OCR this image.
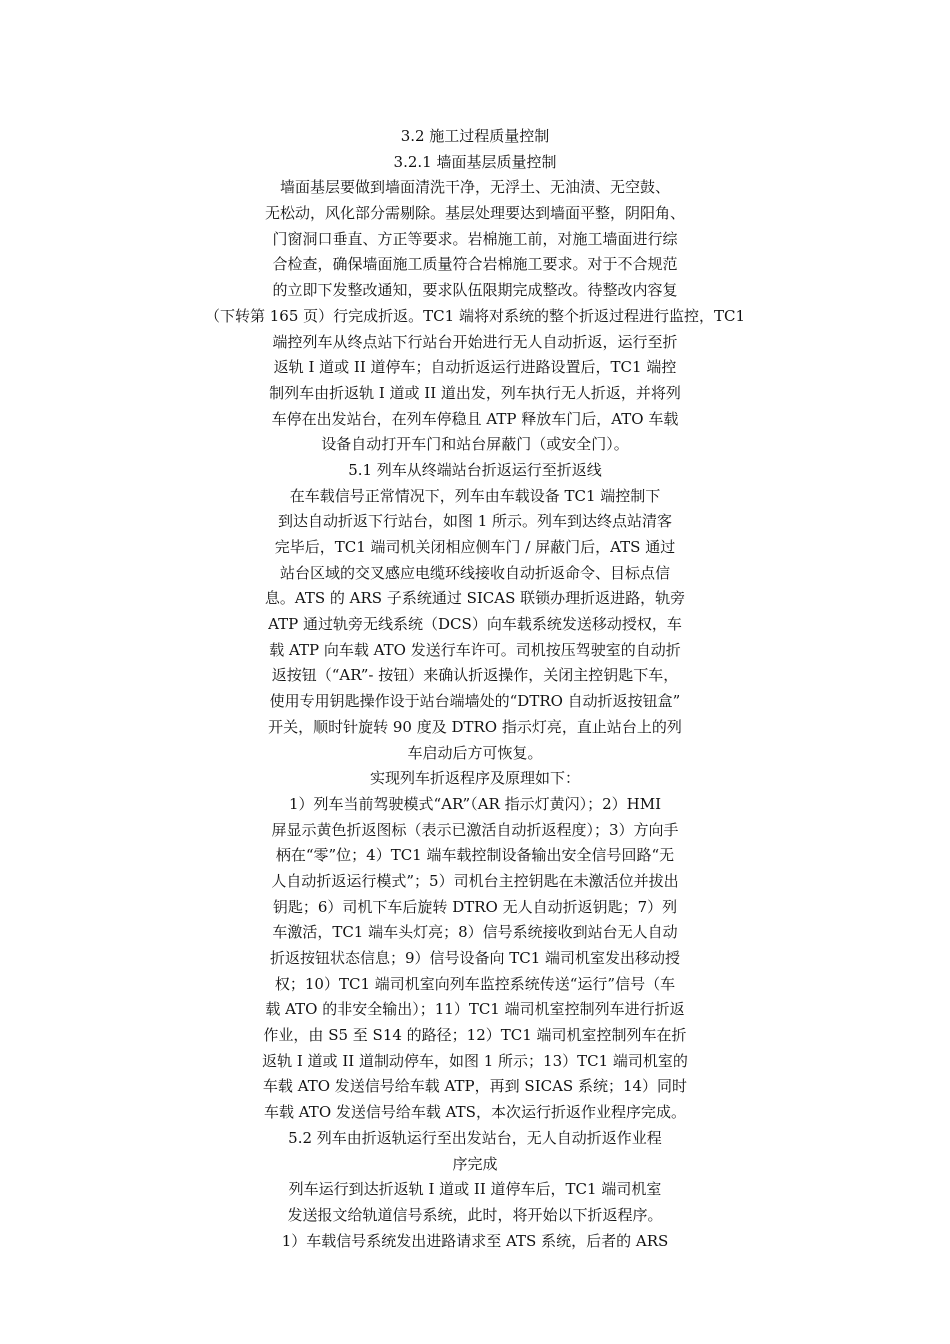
3.2 施工过程质量控制
3.2.1 墙面基层质量控制
墙面基层要做到墙面清洗干净，无浮土、无油渍、无空鼓、
无松动，风化部分需剔除。基层处理要达到墙面平整，阴阳角、
门窗洞口垂直、方正等要求。岩棉施工前，对施工墙面进行综
合检查，确保墙面施工质量符合岩棉施工要求。对于不合规范
的立即下发整改通知，要求队伍限期完成整改。待整改内容复
（下转第 165 页）行完成折返。TC1 端将对系统的整个折返过程进行监控，TC1
端控列车从终点站下行站台开始进行无人自动折返，运行至折
返轨 I 道或 II 道停车；自动折返运行进路设置后，TC1 端控
制列车由折返轨 I 道或 II 道出发，列车执行无人折返，并将列
车停在出发站台，在列车停稳且 ATP 释放车门后，ATO 车载
设备自动打开车门和站台屏蔽门（或安全门）。
5.1 列车从终端站台折返运行至折返线
在车载信号正常情况下，列车由车载设备 TC1 端控制下
到达自动折返下行站台，如图 1 所示。列车到达终点站清客
完毕后，TC1 端司机关闭相应侧车门 / 屏蔽门后，ATS 通过
站台区域的交叉感应电缆环线接收自动折返命令、目标点信
息。ATS 的 ARS 子系统通过 SICAS 联锁办理折返进路，轨旁
ATP 通过轨旁无线系统（DCS）向车载系统发送移动授权，车
载 ATP 向车载 ATO 发送行车许可。司机按压驾驶室的自动折
返按钮（“AR”- 按钮）来确认折返操作，关闭主控钥匙下车，
使用专用钥匙操作设于站台端墙处的“DTRO 自动折返按钮盒”
开关，顺时针旋转 90 度及 DTRO 指示灯亮，直止站台上的列
车启动后方可恢复。
实现列车折返程序及原理如下：
1）列车当前驾驶模式“AR”（AR 指示灯黄闪）；2）HMI
屏显示黄色折返图标（表示已激活自动折返程度）；3）方向手
柄在“零”位；4）TC1 端车载控制设备输出安全信号回路“无
人自动折返运行模式”；5）司机台主控钥匙在未激活位并拔出
钥匙；6）司机下车后旋转 DTRO 无人自动折返钥匙；7）列
车激活，TC1 端车头灯亮；8）信号系统接收到站台无人自动
折返按钮状态信息；9）信号设备向 TC1 端司机室发出移动授
权；10）TC1 端司机室向列车监控系统传送“运行”信号（车
载 ATO 的非安全输出）；11）TC1 端司机室控制列车进行折返
作业，由 S5 至 S14 的路径；12）TC1 端司机室控制列车在折
返轨 I 道或 II 道制动停车，如图 1 所示；13）TC1 端司机室的
车载 ATO 发送信号给车载 ATP，再到 SICAS 系统；14）同时
车载 ATO 发送信号给车载 ATS，本次运行折返作业程序完成。
5.2 列车由折返轨运行至出发站台，无人自动折返作业程
序完成
列车运行到达折返轨 I 道或 II 道停车后，TC1 端司机室
发送报文给轨道信号系统，此时，将开始以下折返程序。
1）车载信号系统发出进路请求至 ATS 系统，后者的 ARS
